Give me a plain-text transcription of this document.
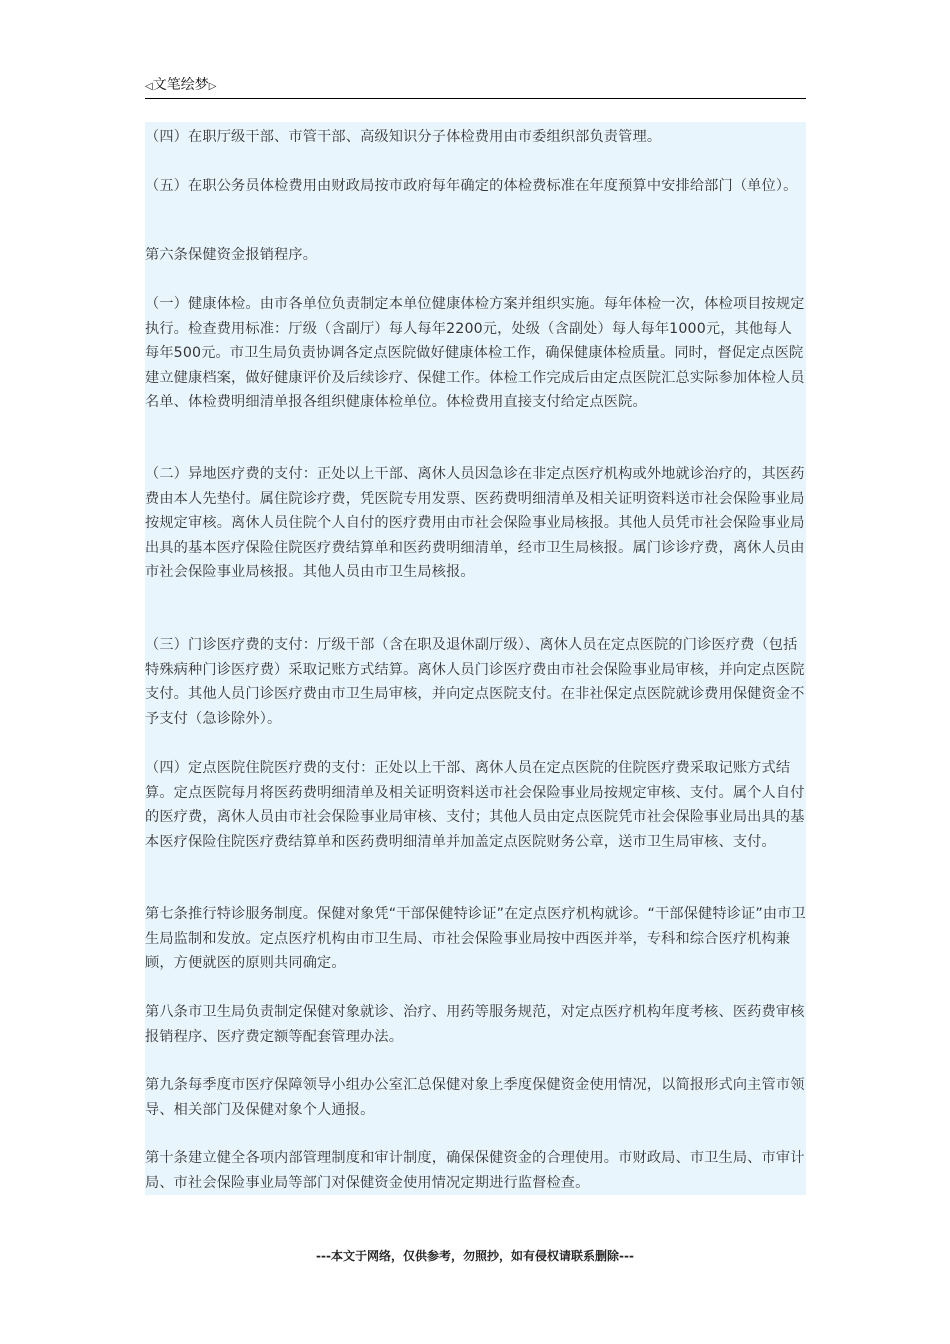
◁文笔绘梦▷

（四）在职厅级干部、市管干部、高级知识分子体检费用由市委组织部负责管理。

（五）在职公务员体检费用由财政局按市政府每年确定的体检费标准在年度预算中安排给部门（单位）。

第六条保健资金报销程序。

（一）健康体检。由市各单位负责制定本单位健康体检方案并组织实施。每年体检一次，体检项目按规定执行。检查费用标准：厅级（含副厅）每人每年2200元，处级（含副处）每人每年1000元，其他每人每年500元。市卫生局负责协调各定点医院做好健康体检工作，确保健康体检质量。同时，督促定点医院建立健康档案，做好健康评价及后续诊疗、保健工作。体检工作完成后由定点医院汇总实际参加体检人员名单、体检费明细清单报各组织健康体检单位。体检费用直接支付给定点医院。

（二）异地医疗费的支付：正处以上干部、离休人员因急诊在非定点医疗机构或外地就诊治疗的，其医药费由本人先垫付。属住院诊疗费，凭医院专用发票、医药费明细清单及相关证明资料送市社会保险事业局按规定审核。离休人员住院个人自付的医疗费用由市社会保险事业局核报。其他人员凭市社会保险事业局出具的基本医疗保险住院医疗费结算单和医药费明细清单，经市卫生局核报。属门诊诊疗费，离休人员由市社会保险事业局核报。其他人员由市卫生局核报。

（三）门诊医疗费的支付：厅级干部（含在职及退休副厅级）、离休人员在定点医院的门诊医疗费（包括特殊病种门诊医疗费）采取记账方式结算。离休人员门诊医疗费由市社会保险事业局审核，并向定点医院支付。其他人员门诊医疗费由市卫生局审核，并向定点医院支付。在非社保定点医院就诊费用保健资金不予支付（急诊除外）。

（四）定点医院住院医疗费的支付：正处以上干部、离休人员在定点医院的住院医疗费采取记账方式结算。定点医院每月将医药费明细清单及相关证明资料送市社会保险事业局按规定审核、支付。属个人自付的医疗费，离休人员由市社会保险事业局审核、支付；其他人员由定点医院凭市社会保险事业局出具的基本医疗保险住院医疗费结算单和医药费明细清单并加盖定点医院财务公章，送市卫生局审核、支付。

第七条推行特诊服务制度。保健对象凭“干部保健特诊证”在定点医疗机构就诊。“干部保健特诊证”由市卫生局监制和发放。定点医疗机构由市卫生局、市社会保险事业局按中西医并举，专科和综合医疗机构兼顾，方便就医的原则共同确定。

第八条市卫生局负责制定保健对象就诊、治疗、用药等服务规范，对定点医疗机构年度考核、医药费审核报销程序、医疗费定额等配套管理办法。

第九条每季度市医疗保障领导小组办公室汇总保健对象上季度保健资金使用情况，以简报形式向主管市领导、相关部门及保健对象个人通报。

第十条建立健全各项内部管理制度和审计制度，确保保健资金的合理使用。市财政局、市卫生局、市审计局、市社会保险事业局等部门对保健资金使用情况定期进行监督检查。

---本文于网络，仅供参考，勿照抄，如有侵权请联系删除---
